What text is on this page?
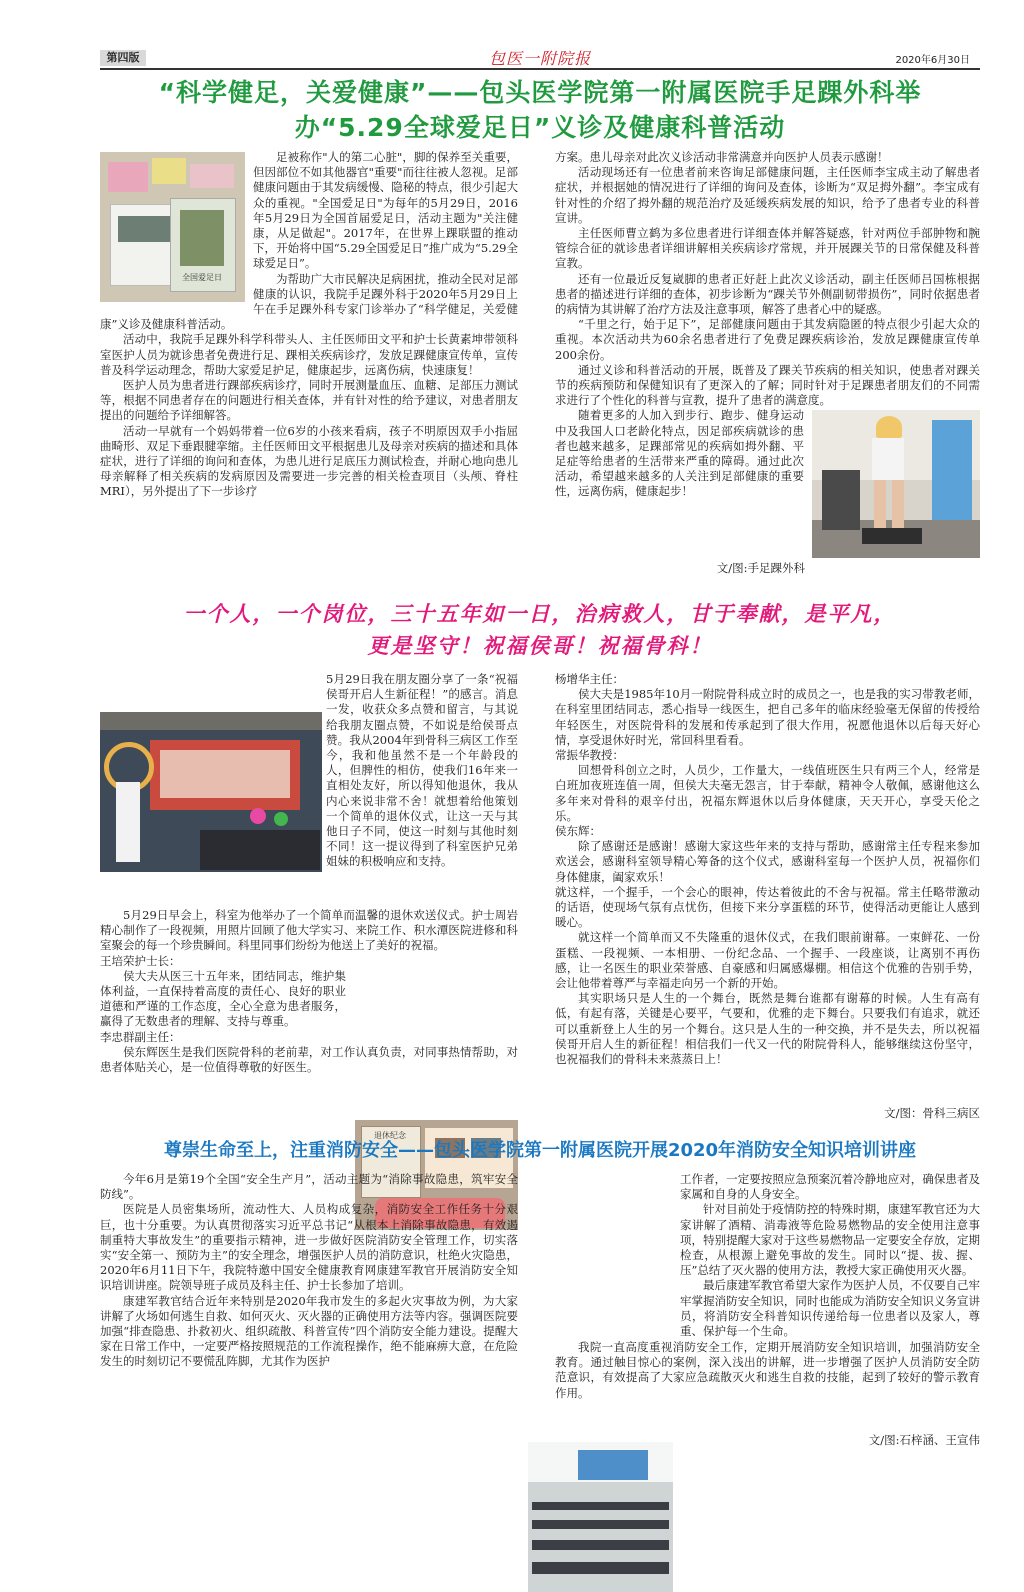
第四版	包医一附院报	2020年6月30日
“科学健足，关爱健康”——包头医学院第一附属医院手足踝外科举
办“5.29全球爱足日”义诊及健康科普活动
全国爱足日

足被称作"人的第二心脏"，脚的保养至关重要，但因部位不如其他器官"重要"而往往被人忽视。足部健康问题由于其发病缓慢、隐秘的特点，很少引起大众的重视。"全国爱足日"为每年的5月29日，2016年5月29日为全国首届爱足日，活动主题为"关注健康，从足做起"。2017年，在世界上踝联盟的推动下，开始将中国“5.29全国爱足日”推广成为“5.29全球爱足日”。

为帮助广大市民解决足病困扰，推动全民对足部健康的认识，我院手足踝外科于2020年5月29日上午在手足踝外科专家门诊举办了“科学健足，关爱健康”义诊及健康科普活动。

活动中，我院手足踝外科学科带头人、主任医师田文平和护士长黄素坤带领科室医护人员为就诊患者免费进行足、踝相关疾病诊疗，发放足踝健康宣传单，宣传普及科学运动理念，帮助大家爱足护足，健康起步，远离伤病，快速康复！

医护人员为患者进行踝部疾病诊疗，同时开展测量血压、血糖、足部压力测试等，根据不同患者存在的问题进行相关查体，并有针对性的给予建议，对患者朋友提出的问题给予详细解答。

活动一早就有一个妈妈带着一位6岁的小孩来看病，孩子不明原因双手小指屈曲畸形、双足下垂跟腱挛缩。主任医师田文平根据患儿及母亲对疾病的描述和具体症状，进行了详细的询问和查体，为患儿进行足底压力测试检查，并耐心地向患儿母亲解释了相关疾病的发病原因及需要进一步完善的相关检查项目（头颅、脊柱MRI），另外提出了下一步诊疗

方案。患儿母亲对此次义诊活动非常满意并向医护人员表示感谢！

活动现场还有一位患者前来咨询足部健康问题，主任医师李宝成主动了解患者症状，并根据她的情况进行了详细的询问及查体，诊断为“双足拇外翻”。李宝成有针对性的介绍了拇外翻的规范治疗及延缓疾病发展的知识，给予了患者专业的科普宣讲。

主任医师曹立鹤为多位患者进行详细查体并解答疑惑，针对两位手部肿物和腕管综合征的就诊患者详细讲解相关疾病诊疗常规，并开展踝关节的日常保健及科普宣教。

还有一位最近反复崴脚的患者正好赶上此次义诊活动，副主任医师吕国栋根据患者的描述进行详细的查体，初步诊断为“踝关节外侧副韧带损伤”，同时依据患者的病情为其讲解了治疗方法及注意事项，解答了患者心中的疑惑。

“千里之行，始于足下”，足部健康问题由于其发病隐匿的特点很少引起大众的重视。本次活动共为60余名患者进行了免费足踝疾病诊治，发放足踝健康宣传单200余份。

通过义诊和科普活动的开展，既普及了踝关节疾病的相关知识，使患者对踝关节的疾病预防和保健知识有了更深入的了解；同时针对于足踝患者朋友们的不同需求进行了个性化的科普与宣教，提升了患者的满意度。

随着更多的人加入到步行、跑步、健身运动中及我国人口老龄化特点，因足部疾病就诊的患者也越来越多，足踝部常见的疾病如拇外翻、平足症等给患者的生活带来严重的障碍。通过此次活动，希望越来越多的人关注到足部健康的重要性，远离伤病，健康起步！

文/图:手足踝外科
一个人，一个岗位，三十五年如一日，治病救人，甘于奉献，是平凡，
更是坚守！祝福侯哥！祝福骨科！

5月29日我在朋友圈分享了一条“祝福侯哥开启人生新征程！”的感言。消息一发，收获众多点赞和留言，与其说给我朋友圈点赞，不如说是给侯哥点赞。我从2004年到骨科三病区工作至今，我和他虽然不是一个年龄段的人，但脾性的相仿，使我们16年来一直相处友好，所以得知他退休，我从内心来说非常不舍！就想着给他策划一个简单的退休仪式，让这一天与其他日子不同，使这一时刻与其他时刻不同！这一提议得到了科室医护兄弟姐妹的积极响应和支持。

退休纪念

5月29日早会上，科室为他举办了一个简单而温馨的退休欢送仪式。护士周岩精心制作了一段视频，用照片回顾了他大学实习、来院工作、积水潭医院进修和科室聚会的每一个珍贵瞬间。科里同事们纷纷为他送上了美好的祝福。

王培荣护士长：

侯大夫从医三十五年来，团结同志，维护集体利益，一直保持着高度的责任心、良好的职业道德和严谨的工作态度，全心全意为患者服务，赢得了无数患者的理解、支持与尊重。

李忠群副主任：

侯东辉医生是我们医院骨科的老前辈，对工作认真负责，对同事热情帮助，对患者体贴关心，是一位值得尊敬的好医生。

杨增华主任：

侯大夫是1985年10月一附院骨科成立时的成员之一，也是我的实习带教老师，在科室里团结同志，悉心指导一线医生，把自己多年的临床经验毫无保留的传授给年轻医生，对医院骨科的发展和传承起到了很大作用，祝愿他退休以后每天好心情，享受退休好时光，常回科里看看。

常振华教授：

回想骨科创立之时，人员少，工作量大，一线值班医生只有两三个人，经常是白班加夜班连值一周，但侯大夫毫无怨言，甘于奉献，精神令人敬佩，感谢他这么多年来对骨科的艰辛付出，祝福东辉退休以后身体健康，天天开心，享受天伦之乐。

侯东辉：

除了感谢还是感谢！感谢大家这些年来的支持与帮助，感谢常主任专程来参加欢送会，感谢科室领导精心筹备的这个仪式，感谢科室每一个医护人员，祝福你们身体健康，阖家欢乐！

就这样，一个握手，一个会心的眼神，传达着彼此的不舍与祝福。常主任略带激动的话语，使现场气氛有点忧伤，但接下来分享蛋糕的环节，使得活动更能让人感到暖心。

就这样一个简单而又不失隆重的退休仪式，在我们眼前谢幕。一束鲜花、一份蛋糕、一段视频、一本相册、一份纪念品、一个握手、一段座谈，让离别不再伤感，让一名医生的职业荣誉感、自豪感和归属感爆棚。相信这个优雅的告别手势，会让他带着尊严与幸福走向另一个新的开始。

其实职场只是人生的一个舞台，既然是舞台谁都有谢幕的时候。人生有高有低，有起有落，关键是心要平，气要和，优雅的走下舞台。只要我们有追求，就还可以重新登上人生的另一个舞台。这只是人生的一种交换，并不是失去，所以祝福侯哥开启人生的新征程！相信我们一代又一代的附院骨科人，能够继续这份坚守，也祝福我们的骨科未来蒸蒸日上！

文/图：骨科三病区
尊崇生命至上，注重消防安全——包头医学院第一附属医院开展2020年消防安全知识培训讲座

今年6月是第19个全国“安全生产月”，活动主题为“消除事故隐患，筑牢安全防线”。

医院是人员密集场所，流动性大、人员构成复杂，消防安全工作任务十分艰巨，也十分重要。为认真贯彻落实习近平总书记“从根本上消除事故隐患，有效遏制重特大事故发生”的重要指示精神，进一步做好医院消防安全管理工作，切实落实“安全第一、预防为主”的安全理念，增强医护人员的消防意识，杜绝火灾隐患，2020年6月11日下午，我院特邀中国安全健康教育网康建军教官开展消防安全知识培训讲座。院领导班子成员及科主任、护士长参加了培训。

康建军教官结合近年来特别是2020年我市发生的多起火灾事故为例，为大家讲解了火场如何逃生自救、如何灭火、灭火器的正确使用方法等内容。强调医院要加强“排查隐患、扑救初火、组织疏散、科普宣传”四个消防安全能力建设。提醒大家在日常工作中，一定要严格按照规范的工作流程操作，绝不能麻痹大意，在危险发生的时刻切记不要慌乱阵脚，尤其作为医护

工作者，一定要按照应急预案沉着冷静地应对，确保患者及家属和自身的人身安全。

针对目前处于疫情防控的特殊时期，康建军教官还为大家讲解了酒精、消毒液等危险易燃物品的安全使用注意事项，特别提醒大家对于这些易燃物品一定要安全存放，定期检查，从根源上避免事故的发生。同时以“提、拔、握、压”总结了灭火器的使用方法，教授大家正确使用灭火器。

最后康建军教官希望大家作为医护人员，不仅要自己牢牢掌握消防安全知识，同时也能成为消防安全知识义务宣讲员，将消防安全科普知识传递给每一位患者以及家人，尊重、保护每一个生命。

我院一直高度重视消防安全工作，定期开展消防安全知识培训，加强消防安全教育。通过触目惊心的案例，深入浅出的讲解，进一步增强了医护人员消防安全防范意识，有效提高了大家应急疏散灭火和逃生自救的技能，起到了较好的警示教育作用。

文/图:石梓涵、王宣伟
